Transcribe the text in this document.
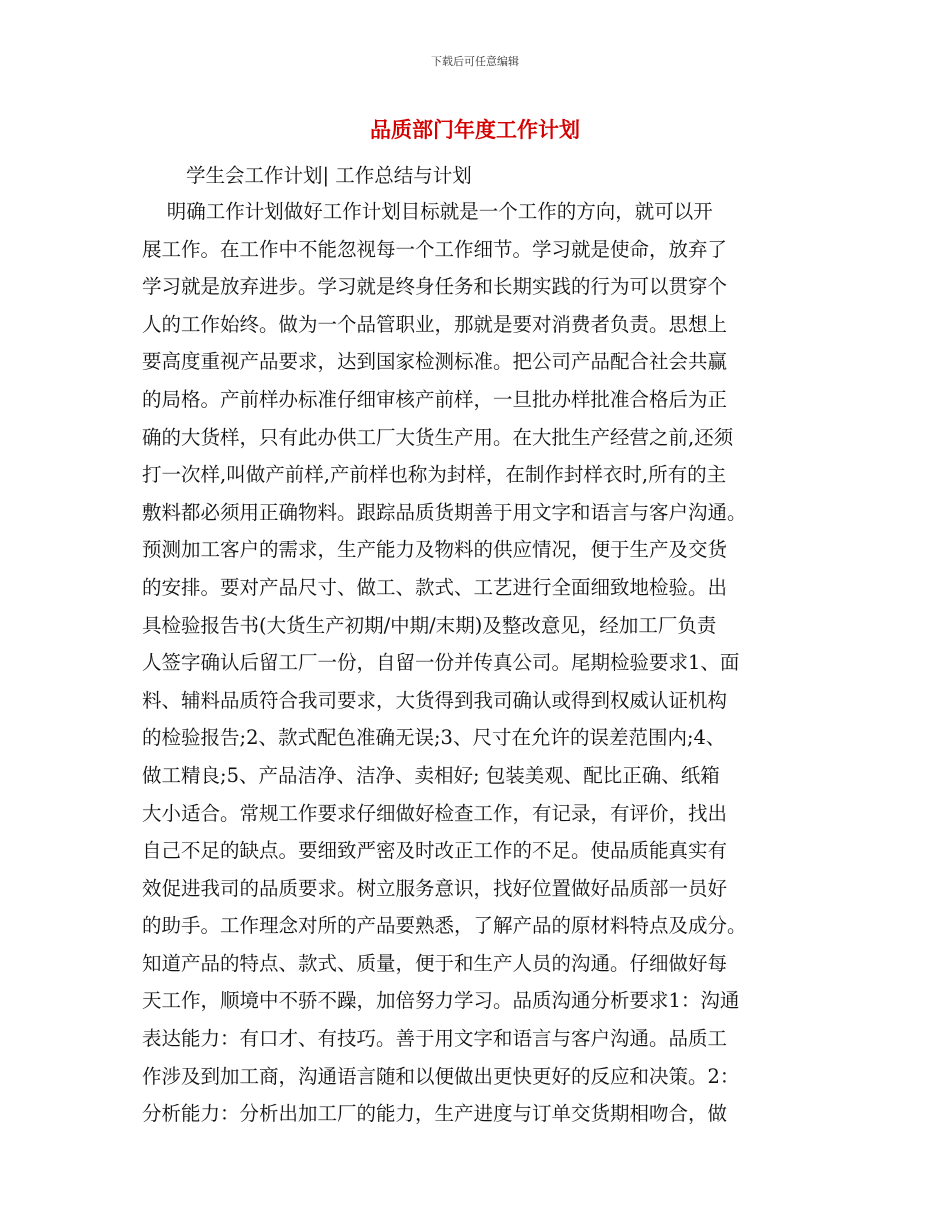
下载后可任意编辑
品质部门年度工作计划
学生会工作计划| 工作总结与计划
明确工作计划做好工作计划目标就是一个工作的方向，就可以开
展工作。在工作中不能忽视每一个工作细节。学习就是使命，放弃了
学习就是放弃进步。学习就是终身任务和长期实践的行为可以贯穿个
人的工作始终。做为一个品管职业，那就是要对消费者负责。思想上
要高度重视产品要求，达到国家检测标准。把公司产品配合社会共赢
的局格。产前样办标准仔细审核产前样，一旦批办样批准合格后为正
确的大货样，只有此办供工厂大货生产用。在大批生产经营之前,还须
打一次样,叫做产前样,产前样也称为封样，在制作封样衣时,所有的主
敷料都必须用正确物料。跟踪品质货期善于用文字和语言与客户沟通。
预测加工客户的需求，生产能力及物料的供应情况，便于生产及交货
的安排。要对产品尺寸、做工、款式、工艺进行全面细致地检验。出
具检验报告书(大货生产初期/中期/末期)及整改意见，经加工厂负责
人签字确认后留工厂一份，自留一份并传真公司。尾期检验要求1、面
料、辅料品质符合我司要求，大货得到我司确认或得到权威认证机构
的检验报告;2、款式配色准确无误;3、尺寸在允许的误差范围内;4、
做工精良;5、产品洁净、洁净、卖相好; 包装美观、配比正确、纸箱
大小适合。常规工作要求仔细做好检查工作，有记录，有评价，找出
自己不足的缺点。要细致严密及时改正工作的不足。使品质能真实有
效促进我司的品质要求。树立服务意识，找好位置做好品质部一员好
的助手。工作理念对所的产品要熟悉，了解产品的原材料特点及成分。
知道产品的特点、款式、质量，便于和生产人员的沟通。仔细做好每
天工作，顺境中不骄不躁，加倍努力学习。品质沟通分析要求1：沟通
表达能力：有口才、有技巧。善于用文字和语言与客户沟通。品质工
作涉及到加工商，沟通语言随和以便做出更快更好的反应和决策。2：
分析能力：分析出加工厂的能力，生产进度与订单交货期相吻合，做
